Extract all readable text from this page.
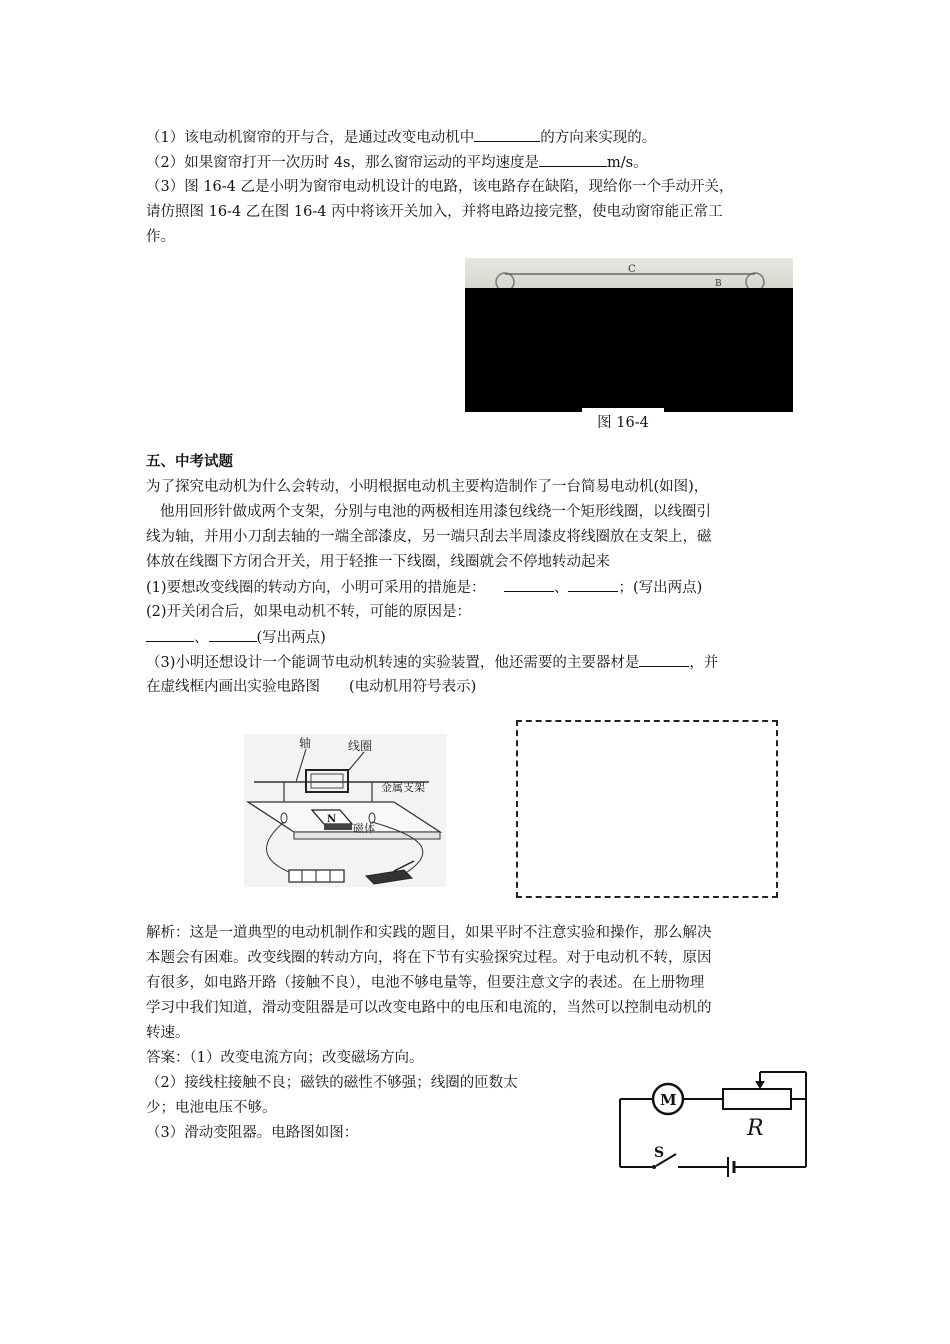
（1）该电动机窗帘的开与合，是通过改变电动机中	的方向来实现的。
（2）如果窗帘打开一次历时 4s，那么窗帘运动的平均速度是	m/s。
（3）图 16-4 乙是小明为窗帘电动机设计的电路，该电路存在缺陷，现给你一个手动开关，
请仿照图 16-4 乙在图 16-4 丙中将该开关加入，并将电路边接完整，使电动窗帘能正常工
作。
C
B
图 16-4
五、中考试题
为了探究电动机为什么会转动，小明根据电动机主要构造制作了一台简易电动机(如图)，
他用回形针做成两个支架，分别与电池的两极相连用漆包线绕一个矩形线圈，以线圈引
线为轴，并用小刀刮去轴的一端全部漆皮，另一端只刮去半周漆皮将线圈放在支架上，磁
体放在线圈下方闭合开关，用于轻推一下线圈，线圈就会不停地转动起来
(1)要想改变线圈的转动方向，小明可采用的措施是：	、	；(写出两点)
(2)开关闭合后，如果电动机不转，可能的原因是：
、	(写出两点)
（3)小明还想设计一个能调节电动机转速的实验装置，他还需要的主要器材是	，并
在虚线框内画出实验电路图　　(电动机用符号表示)
轴	线圈
金属支架
N
磁体
解析：这是一道典型的电动机制作和实践的题目，如果平时不注意实验和操作，那么解决
本题会有困难。改变线圈的转动方向，将在下节有实验探究过程。对于电动机不转，原因
有很多，如电路开路（接触不良），电池不够电量等，但要注意文字的表述。在上册物理
学习中我们知道，滑动变阻器是可以改变电路中的电压和电流的，当然可以控制电动机的
转速。
答案：（1）改变电流方向；改变磁场方向。
（2）接线柱接触不良；磁铁的磁性不够强；线圈的匝数太
少；电池电压不够。
（3）滑动变阻器。电路图如图：
M
R
S
